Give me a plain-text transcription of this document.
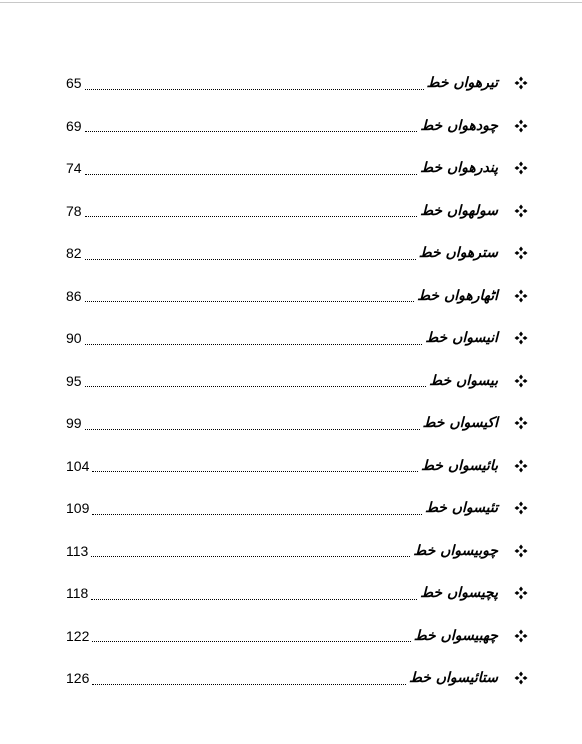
65	تیرھواں خط
69	چودھواں خط
74	پندرھواں خط
78	سولھواں خط
82	سترھواں خط
86	اٹھارھواں خط
90	انیسواں خط
95	بیسواں خط
99	اکیسواں خط
104	بائیسواں خط
109	تئیسواں خط
113	چوبیسواں خط
118	پچیسواں خط
122	چھبیسواں خط
126	ستائیسواں خط
